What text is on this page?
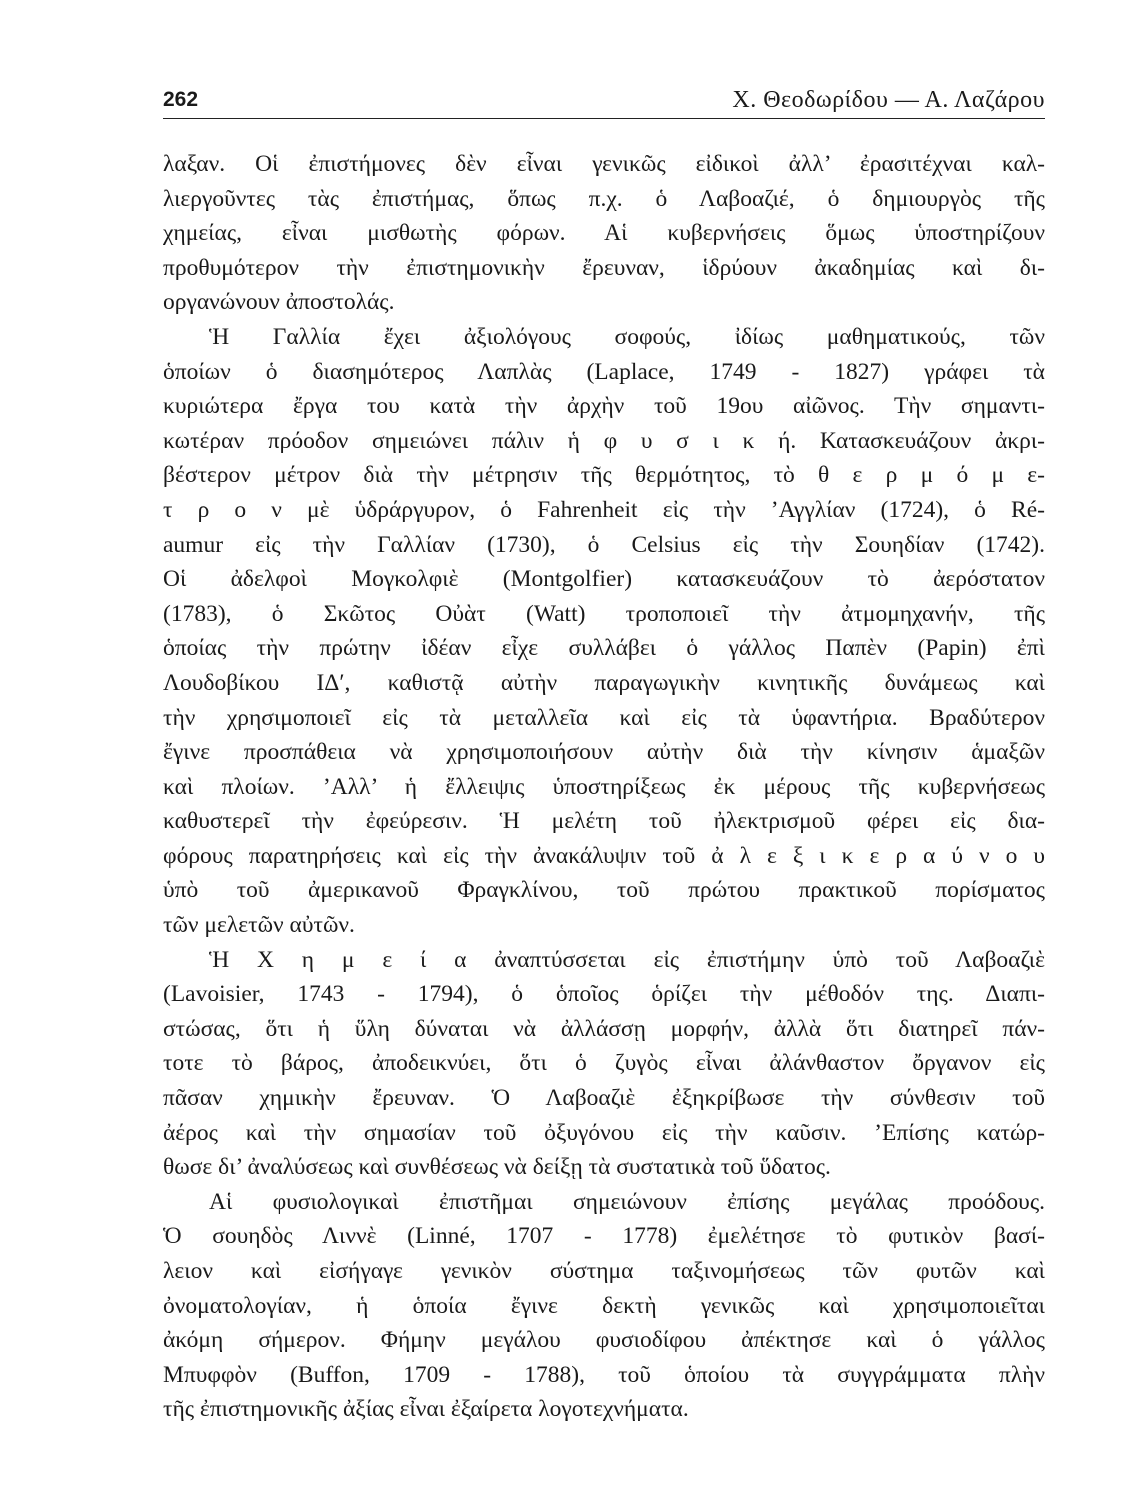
262	Χ. Θεοδωρίδου — Α. Λαζάρου
λαξαν. Οἱ ἐπιστήμονες δὲν εἶναι γενικῶς εἰδικοὶ ἀλλ’ ἐρασιτέχναι καλ-
λιεργοῦντες τὰς ἐπιστήμας, ὅπως π.χ. ὁ Λαβοαζιέ, ὁ δημιουργὸς τῆς
χημείας, εἶναι μισθωτὴς φόρων. Αἱ κυβερνήσεις ὅμως ὑποστηρίζουν
προθυμότερον τὴν ἐπιστημονικὴν ἔρευναν, ἱδρύουν ἀκαδημίας καὶ δι-
οργανώνουν ἀποστολάς.
Ἡ Γαλλία ἔχει ἀξιολόγους σοφούς, ἰδίως μαθηματικούς, τῶν
ὁποίων ὁ διασημότερος Λαπλὰς (Laplace, 1749 - 1827) γράφει τὰ
κυριώτερα ἔργα του κατὰ τὴν ἀρχὴν τοῦ 19ου αἰῶνος. Τὴν σημαντι-
κωτέραν πρόοδον σημειώνει πάλιν ἡ φ υ σ ι κ ή. Κατασκευάζουν ἀκρι-
βέστερον μέτρον διὰ τὴν μέτρησιν τῆς θερμότητος, τὸ θ ε ρ μ ό μ ε-
τ ρ ο ν μὲ ὑδράργυρον, ὁ Fahrenheit εἰς τὴν ’Αγγλίαν (1724), ὁ Ré-
aumur εἰς τὴν Γαλλίαν (1730), ὁ Celsius εἰς τὴν Σουηδίαν (1742).
Οἱ ἀδελφοὶ Μογκολφιὲ (Montgolfier) κατασκευάζουν τὸ ἀερόστατον
(1783), ὁ Σκῶτος Οὐὰτ (Watt) τροποποιεῖ τὴν ἀτμομηχανήν, τῆς
ὁποίας τὴν πρώτην ἰδέαν εἶχε συλλάβει ὁ γάλλος Παπὲν (Papin) ἐπὶ
Λουδοβίκου ΙΔ′, καθιστᾷ αὐτὴν παραγωγικὴν κινητικῆς δυνάμεως καὶ
τὴν χρησιμοποιεῖ εἰς τὰ μεταλλεῖα καὶ εἰς τὰ ὑφαντήρια. Βραδύτερον
ἔγινε προσπάθεια νὰ χρησιμοποιήσουν αὐτὴν διὰ τὴν κίνησιν ἁμαξῶν
καὶ πλοίων. ’Αλλ’ ἡ ἔλλειψις ὑποστηρίξεως ἐκ μέρους τῆς κυβερνήσεως
καθυστερεῖ τὴν ἐφεύρεσιν. Ἡ μελέτη τοῦ ἠλεκτρισμοῦ φέρει εἰς δια-
φόρους παρατηρήσεις καὶ εἰς τὴν ἀνακάλυψιν τοῦ ἀ λ ε ξ ι κ ε ρ α ύ ν ο υ
ὑπὸ τοῦ ἀμερικανοῦ Φραγκλίνου, τοῦ πρώτου πρακτικοῦ πορίσματος
τῶν μελετῶν αὐτῶν.
Ἡ Χ η μ ε ί α ἀναπτύσσεται εἰς ἐπιστήμην ὑπὸ τοῦ Λαβοαζιὲ
(Lavoisier, 1743 - 1794), ὁ ὁποῖος ὁρίζει τὴν μέθοδόν της. Διαπι-
στώσας, ὅτι ἡ ὕλη δύναται νὰ ἀλλάσσῃ μορφήν, ἀλλὰ ὅτι διατηρεῖ πάν-
τοτε τὸ βάρος, ἀποδεικνύει, ὅτι ὁ ζυγὸς εἶναι ἀλάνθαστον ὄργανον εἰς
πᾶσαν χημικὴν ἔρευναν. Ὁ Λαβοαζιὲ ἐξηκρίβωσε τὴν σύνθεσιν τοῦ
ἀέρος καὶ τὴν σημασίαν τοῦ ὀξυγόνου εἰς τὴν καῦσιν. ’Επίσης κατώρ-
θωσε δι’ ἀναλύσεως καὶ συνθέσεως νὰ δείξῃ τὰ συστατικὰ τοῦ ὕδατος.
Αἱ φυσιολογικαὶ ἐπιστῆμαι σημειώνουν ἐπίσης μεγάλας προόδους.
Ὁ σουηδὸς Λιννὲ (Linné, 1707 - 1778) ἐμελέτησε τὸ φυτικὸν βασί-
λειον καὶ εἰσήγαγε γενικὸν σύστημα ταξινομήσεως τῶν φυτῶν καὶ
ὀνοματολογίαν, ἡ ὁποία ἔγινε δεκτὴ γενικῶς καὶ χρησιμοποιεῖται
ἀκόμη σήμερον. Φήμην μεγάλου φυσιοδίφου ἀπέκτησε καὶ ὁ γάλλος
Μπυφφὸν (Buffon, 1709 - 1788), τοῦ ὁποίου τὰ συγγράμματα πλὴν
τῆς ἐπιστημονικῆς ἀξίας εἶναι ἐξαίρετα λογοτεχνήματα.
